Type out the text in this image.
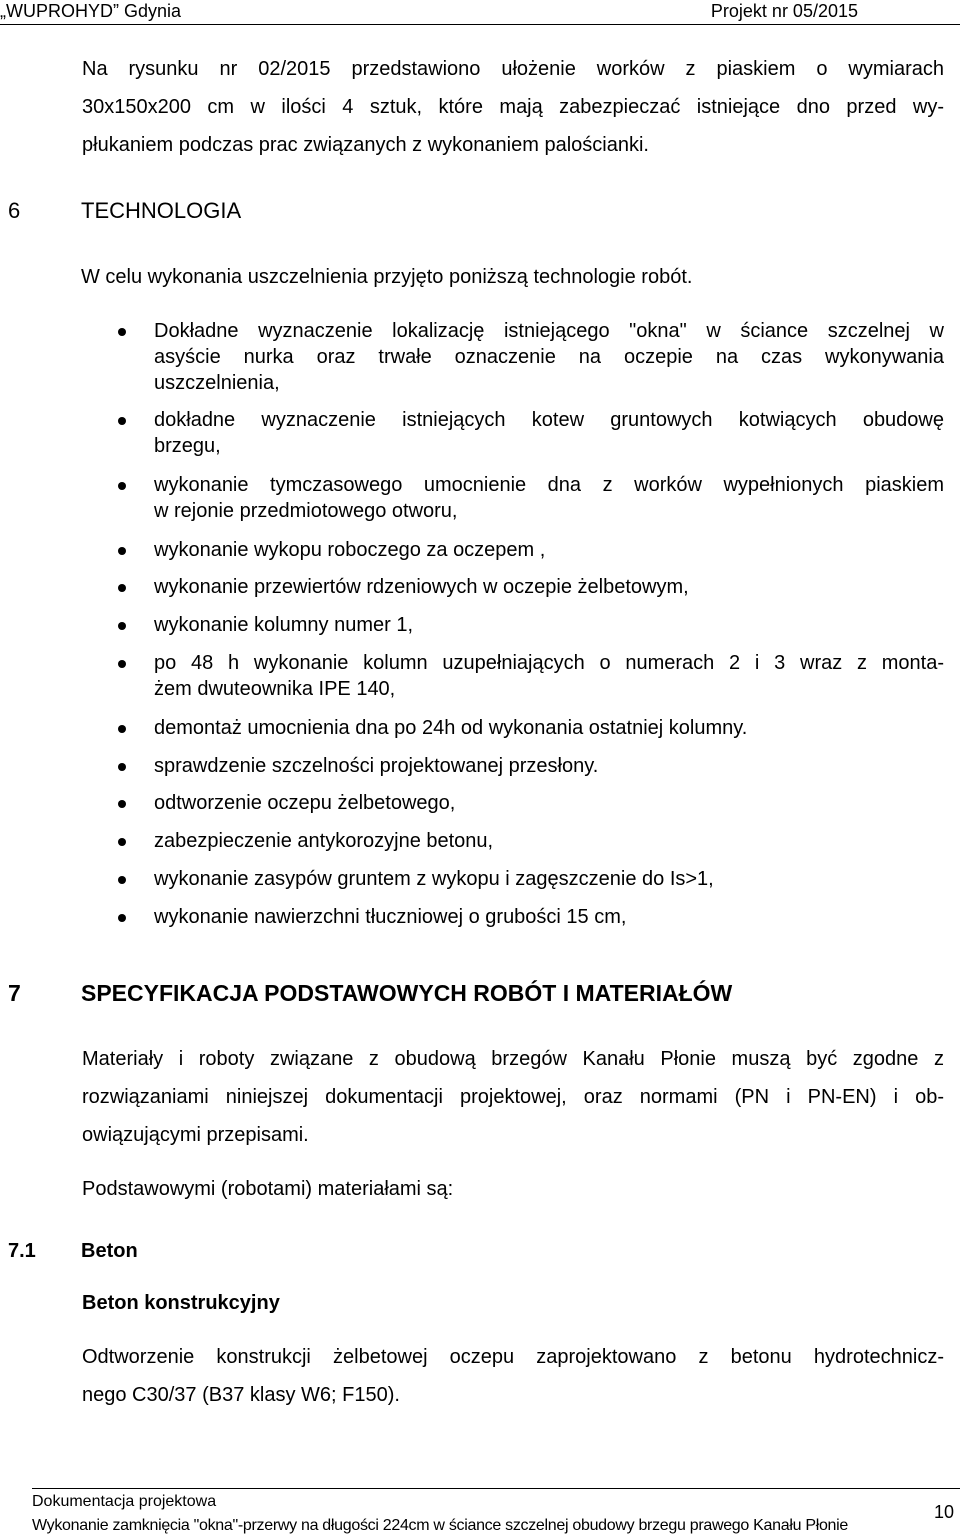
„WUPROHYD” Gdynia	Projekt nr 05/2015
Na rysunku nr 02/2015 przedstawiono ułożenie worków z piaskiem o wymiarach
30x150x200 cm w ilości 4 sztuk, które mają zabezpieczać istniejące dno przed wy-
płukaniem podczas prac związanych z wykonaniem palościanki.
6	TECHNOLOGIA
W celu wykonania uszczelnienia przyjęto poniższą technologie robót.
Dokładne wyznaczenie lokalizację istniejącego "okna" w ściance szczelnej w
asyście nurka oraz trwałe oznaczenie na oczepie na czas wykonywania
uszczelnienia,
dokładne wyznaczenie istniejących kotew gruntowych kotwiących obudowę
brzegu,
wykonanie tymczasowego umocnienie dna z worków wypełnionych piaskiem
w rejonie przedmiotowego otworu,
wykonanie wykopu roboczego za oczepem ,
wykonanie przewiertów rdzeniowych w oczepie żelbetowym,
wykonanie kolumny numer 1,
po 48 h wykonanie kolumn uzupełniających o numerach 2 i 3 wraz z monta-
żem dwuteownika IPE 140,
demontaż umocnienia dna po 24h od wykonania ostatniej kolumny.
sprawdzenie szczelności projektowanej przesłony.
odtworzenie oczepu żelbetowego,
zabezpieczenie antykorozyjne betonu,
wykonanie zasypów gruntem z wykopu i zagęszczenie do Is>1,
wykonanie nawierzchni tłuczniowej o grubości 15 cm,
7	SPECYFIKACJA PODSTAWOWYCH ROBÓT I MATERIAŁÓW
Materiały i roboty związane z obudową brzegów Kanału Płonie muszą być zgodne z
rozwiązaniami niniejszej dokumentacji projektowej, oraz normami (PN i PN-EN) i ob-
owiązującymi przepisami.
Podstawowymi (robotami) materiałami są:
7.1 Beton
Beton konstrukcyjny
Odtworzenie konstrukcji żelbetowej oczepu zaprojektowano z betonu hydrotechnicz-
nego C30/37 (B37 klasy W6; F150).
Dokumentacja projektowa
Wykonanie zamknięcia "okna"-przerwy na długości 224cm w ściance szczelnej obudowy brzegu prawego Kanału Płonie
10
